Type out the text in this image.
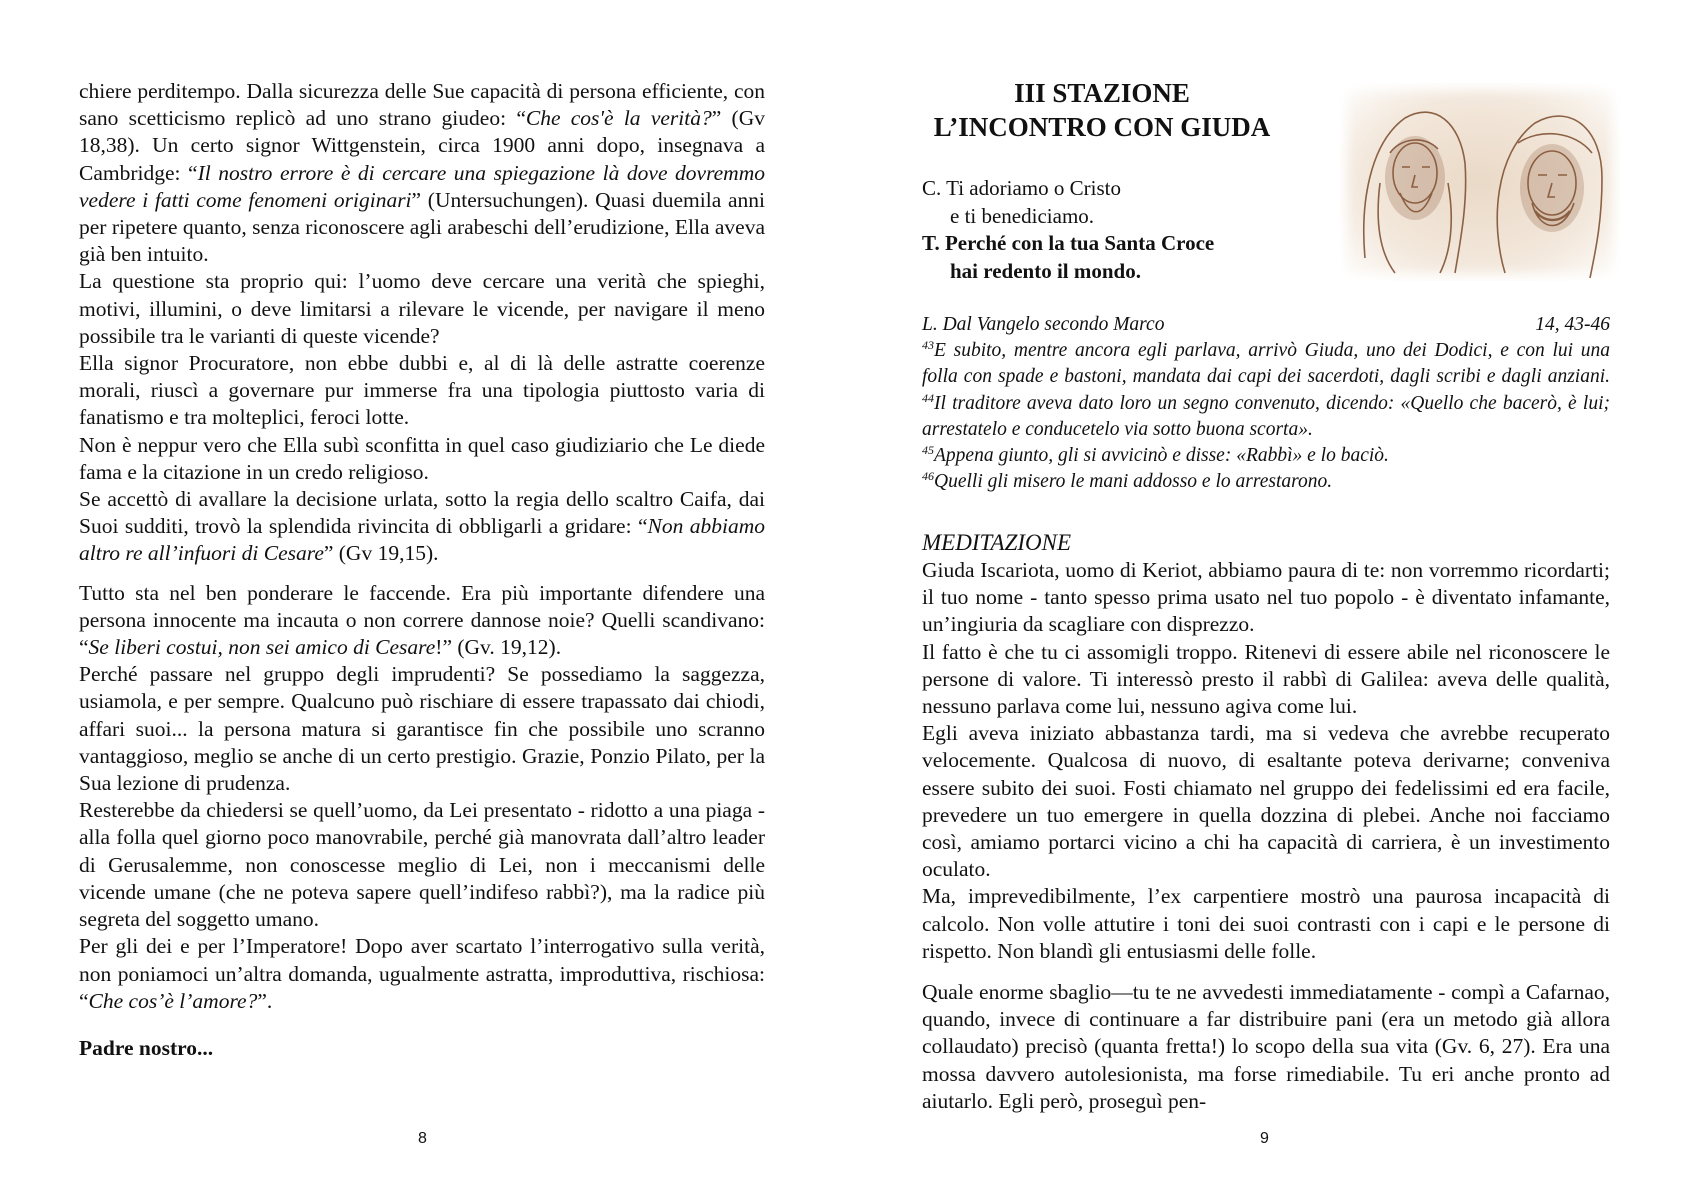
chiere perditempo. Dalla sicurezza delle Sue capacità di persona efficiente, con sano scetticismo replicò ad uno strano giudeo: “Che cos'è la verità?” (Gv 18,38). Un certo signor Wittgenstein, circa 1900 anni dopo, insegnava a Cambridge: “Il nostro errore è di cercare una spiegazione là dove dovremmo vedere i fatti come fenomeni originari” (Untersuchungen). Quasi duemila anni per ripetere quanto, senza riconoscere agli arabeschi dell’erudizione, Ella aveva già ben intuito.

La questione sta proprio qui: l’uomo deve cercare una verità che spieghi, motivi, illumini, o deve limitarsi a rilevare le vicende, per navigare il meno possibile tra le varianti di queste vicende?

Ella signor Procuratore, non ebbe dubbi e, al di là delle astratte coerenze morali, riuscì a governare pur immerse fra una tipologia piuttosto varia di fanatismo e tra molteplici, feroci lotte.

Non è neppur vero che Ella subì sconfitta in quel caso giudiziario che Le diede fama e la citazione in un credo religioso.

Se accettò di avallare la decisione urlata, sotto la regia dello scaltro Caifa, dai Suoi sudditi, trovò la splendida rivincita di obbligarli a gridare: “Non abbiamo altro re all’infuori di Cesare” (Gv 19,15).

Tutto sta nel ben ponderare le faccende. Era più importante difendere una persona innocente ma incauta o non correre dannose noie? Quelli scandivano: “Se liberi costui, non sei amico di Cesare!” (Gv. 19,12).

Perché passare nel gruppo degli imprudenti? Se possediamo la saggezza, usiamola, e per sempre. Qualcuno può rischiare di essere trapassato dai chiodi, affari suoi... la persona matura si garantisce fin che possibile uno scranno vantaggioso, meglio se anche di un certo prestigio. Grazie, Ponzio Pilato, per la Sua lezione di prudenza.

Resterebbe da chiedersi se quell’uomo, da Lei presentato - ridotto a una piaga - alla folla quel giorno poco manovrabile, perché già manovrata dall’altro leader di Gerusalemme, non conoscesse meglio di Lei, non i meccanismi delle vicende umane (che ne poteva sapere quell’indifeso rabbì?), ma la radice più segreta del soggetto umano.

Per gli dei e per l’Imperatore! Dopo aver scartato l’interrogativo sulla verità, non poniamoci un’altra domanda, ugualmente astratta, improduttiva, rischiosa: “Che cos’è l’amore?”.

Padre nostro...

8
III STAZIONE
L’INCONTRO CON GIUDA
C. Ti adoriamo o Cristo
e ti benediciamo.
T. Perché con la tua Santa Croce
hai redento il mondo.
L. Dal Vangelo secondo Marco	14, 43-46
$^{43}$E subito, mentre ancora egli parlava, arrivò Giuda, uno dei Dodici, e con lui una folla con spade e bastoni, mandata dai capi dei sacerdoti, dagli scribi e dagli anziani. $^{44}$Il traditore aveva dato loro un segno convenuto, dicendo: «Quello che bacerò, è lui; arrestatelo e conducetelo via sotto buona scorta».
$^{45}$Appena giunto, gli si avvicinò e disse: «Rabbì» e lo baciò.
$^{46}$Quelli gli misero le mani addosso e lo arrestarono.

MEDITAZIONE

Giuda Iscariota, uomo di Keriot, abbiamo paura di te: non vorremmo ricordarti; il tuo nome - tanto spesso prima usato nel tuo popolo - è diventato infamante, un’ingiuria da scagliare con disprezzo.

Il fatto è che tu ci assomigli troppo. Ritenevi di essere abile nel riconoscere le persone di valore. Ti interessò presto il rabbì di Galilea: aveva delle qualità, nessuno parlava come lui, nessuno agiva come lui.

Egli aveva iniziato abbastanza tardi, ma si vedeva che avrebbe recuperato velocemente. Qualcosa di nuovo, di esaltante poteva derivarne; conveniva essere subito dei suoi. Fosti chiamato nel gruppo dei fedelissimi ed era facile, prevedere un tuo emergere in quella dozzina di plebei. Anche noi facciamo così, amiamo portarci vicino a chi ha capacità di carriera, è un investimento oculato.

Ma, imprevedibilmente, l’ex carpentiere mostrò una paurosa incapacità di calcolo. Non volle attutire i toni dei suoi contrasti con i capi e le persone di rispetto. Non blandì gli entusiasmi delle folle.

Quale enorme sbaglio—tu te ne avvedesti immediatamente - compì a Cafarnao, quando, invece di continuare a far distribuire pani (era un metodo già allora collaudato) precisò (quanta fretta!) lo scopo della sua vita (Gv. 6, 27). Era una mossa davvero autolesionista, ma forse rimediabile. Tu eri anche pronto ad aiutarlo. Egli però, proseguì pen-

9
